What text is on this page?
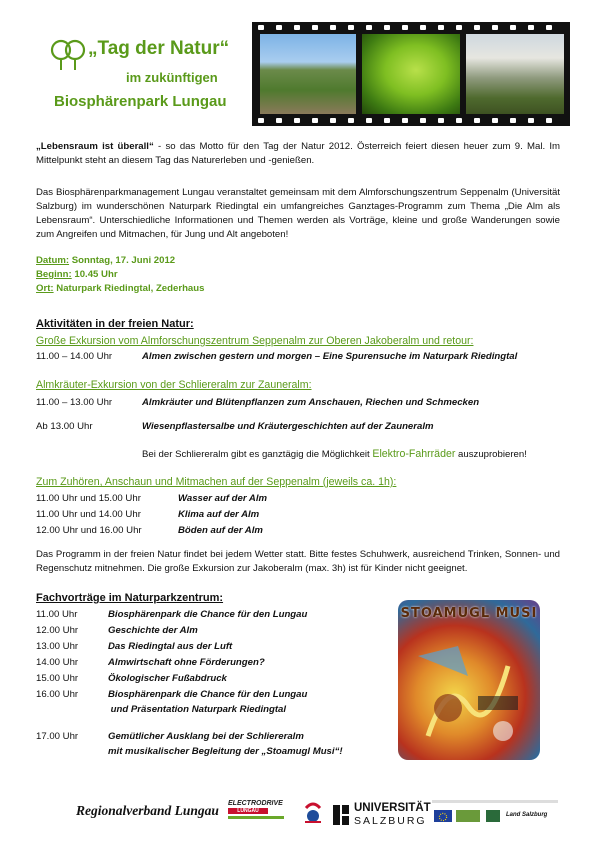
„Tag der Natur“
im zukünftigen
Biosphärenpark Lungau

„Lebensraum ist überall“ - so das Motto für den Tag der Natur 2012. Österreich feiert diesen heuer zum 9. Mal. Im Mittelpunkt steht an diesem Tag das Naturerleben und -genießen.

Das Biosphärenparkmanagement Lungau veranstaltet gemeinsam mit dem Almforschungszentrum Seppenalm (Universität Salzburg) im wunderschönen Naturpark Riedingtal ein umfangreiches Ganztages-Programm zum Thema „Die Alm als Lebensraum“. Unterschiedliche Informationen und Themen werden als Vorträge, kleine und große Wanderungen sowie zum Angreifen und Mitmachen, für Jung und Alt angeboten!

Datum: Sonntag, 17. Juni 2012
Beginn: 10.45 Uhr
Ort: Naturpark Riedingtal, Zederhaus
Aktivitäten in der freien Natur:
Große Exkursion vom Almforschungszentrum Seppenalm zur Oberen Jakoberalm und retour:
11.00 – 14.00 Uhr	Almen zwischen gestern und morgen – Eine Spurensuche im Naturpark Riedingtal
Almkräuter-Exkursion von der Schliereralm zur Zauneralm:
11.00 – 13.00 Uhr	Almkräuter und Blütenpflanzen zum Anschauen, Riechen und Schmecken
Ab 13.00 Uhr	Wiesenpflastersalbe und Kräutergeschichten auf der Zauneralm
Bei der Schliereralm gibt es ganztägig die Möglichkeit Elektro-Fahrräder auszuprobieren!
Zum Zuhören, Anschaun und Mitmachen auf der Seppenalm (jeweils ca. 1h):
11.00 Uhr und 15.00 Uhr	Wasser auf der Alm
11.00 Uhr und 14.00 Uhr	Klima auf der Alm
12.00 Uhr und 16.00 Uhr	Böden auf der Alm

Das Programm in der freien Natur findet bei jedem Wetter statt. Bitte festes Schuhwerk, ausreichend Trinken, Sonnen- und Regenschutz mitnehmen. Die große Exkursion zur Jakoberalm (max. 3h) ist für Kinder nicht geeignet.

Fachvorträge im Naturparkzentrum:
11.00 Uhr	Biosphärenpark die Chance für den Lungau
12.00 Uhr	Geschichte der Alm
13.00 Uhr	Das Riedingtal aus der Luft
14.00 Uhr	Almwirtschaft ohne Förderungen?
15.00 Uhr	Ökologischer Fußabdruck
16.00 Uhr	Biosphärenpark die Chance für den Lungau
und Präsentation Naturpark Riedingtal
17.00 Uhr	Gemütlicher Ausklang bei der Schliereralm
mit musikalischer Begleitung der „Stoamugl Musi“!
STOAMUGL MUSI
Regionalverband Lungau ELECTRODRIVE
LUNGAU	UNIVERSITÄT
SALZBURG	Land Salzburg
